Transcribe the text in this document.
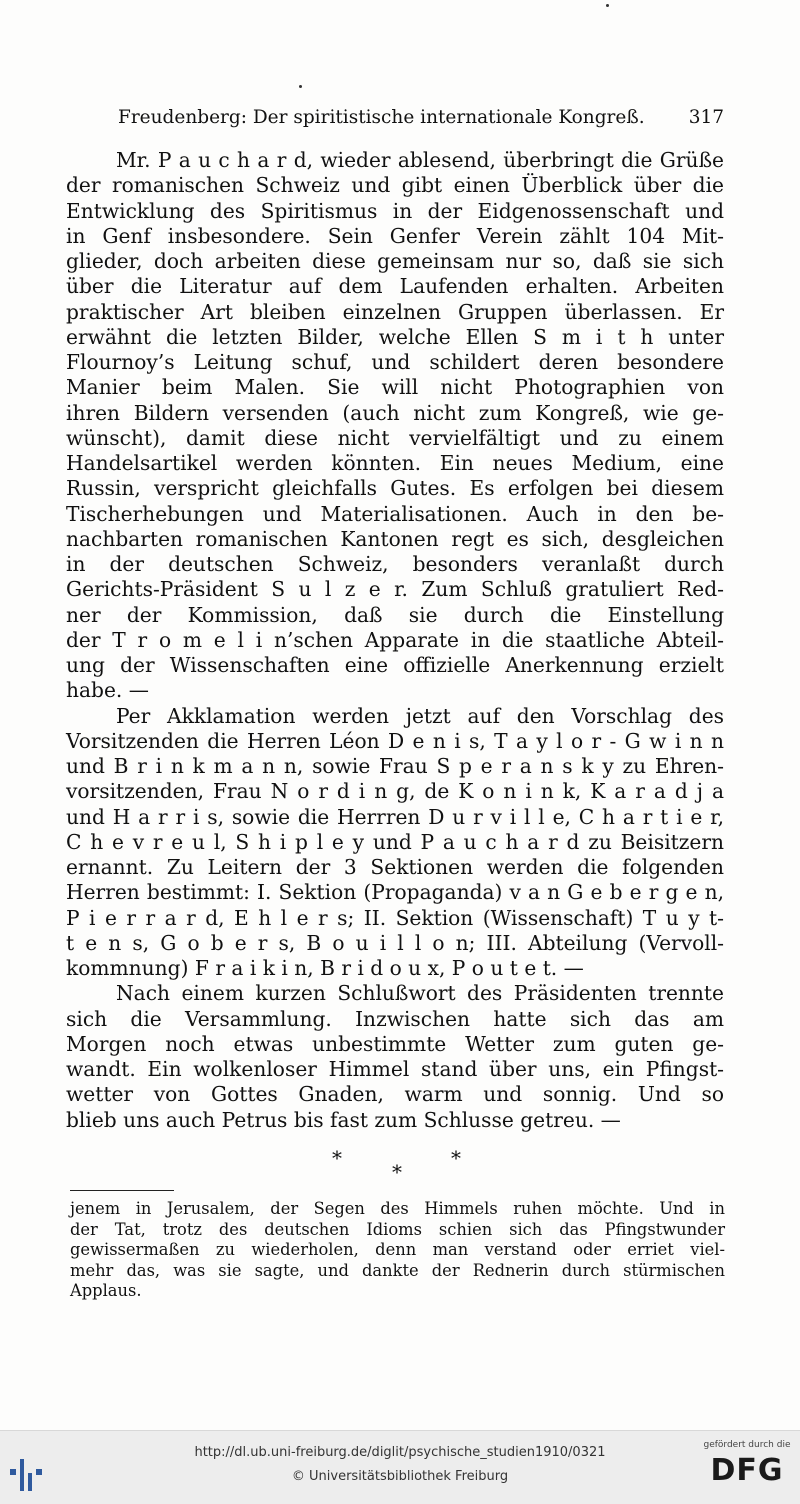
Freudenberg: Der spiritistische internationale Kongreß. 317
Mr. P a u c h a r d, wieder ablesend, überbringt die Grüße
der romanischen Schweiz und gibt einen Überblick über die
Entwicklung des Spiritismus in der Eidgenossenschaft und
in Genf insbesondere. Sein Genfer Verein zählt 104 Mit-
glieder, doch arbeiten diese gemeinsam nur so, daß sie sich
über die Literatur auf dem Laufenden erhalten. Arbeiten
praktischer Art bleiben einzelnen Gruppen überlassen. Er
erwähnt die letzten Bilder, welche Ellen S m i t h unter
Flournoy’s Leitung schuf, und schildert deren besondere
Manier beim Malen. Sie will nicht Photographien von
ihren Bildern versenden (auch nicht zum Kongreß, wie ge-
wünscht), damit diese nicht vervielfältigt und zu einem
Handelsartikel werden könnten. Ein neues Medium, eine
Russin, verspricht gleichfalls Gutes. Es erfolgen bei diesem
Tischerhebungen und Materialisationen. Auch in den be-
nachbarten romanischen Kantonen regt es sich, desgleichen
in der deutschen Schweiz, besonders veranlaßt durch
Gerichts-Präsident S u l z e r. Zum Schluß gratuliert Red-
ner der Kommission, daß sie durch die Einstellung
der T r o m e l i n’schen Apparate in die staatliche Abteil-
ung der Wissenschaften eine offizielle Anerkennung erzielt
habe. —
Per Akklamation werden jetzt auf den Vorschlag des
Vorsitzenden die Herren Léon D e n i s, T a y l o r - G w i n n
und B r i n k m a n n, sowie Frau S p e r a n s k y zu Ehren-
vorsitzenden, Frau N o r d i n g, de K o n i n k, K a r a d j a
und H a r r i s, sowie die Herrren D u r v i l l e, C h a r t i e r,
C h e v r e u l, S h i p l e y und P a u c h a r d zu Beisitzern
ernannt. Zu Leitern der 3 Sektionen werden die folgenden
Herren bestimmt: I. Sektion (Propaganda) v a n G e b e r g e n,
P i e r r a r d, E h l e r s; II. Sektion (Wissenschaft) T u y t-
t e n s, G o b e r s, B o u i l l o n; III. Abteilung (Vervoll-
kommnung) F r a i k i n, B r i d o u x, P o u t e t. —
Nach einem kurzen Schlußwort des Präsidenten trennte
sich die Versammlung. Inzwischen hatte sich das am
Morgen noch etwas unbestimmte Wetter zum guten ge-
wandt. Ein wolkenloser Himmel stand über uns, ein Pfingst-
wetter von Gottes Gnaden, warm und sonnig. Und so
blieb uns auch Petrus bis fast zum Schlusse getreu. —
*	*
*
jenem in Jerusalem, der Segen des Himmels ruhen möchte. Und in
der Tat, trotz des deutschen Idioms schien sich das Pfingstwunder
gewissermaßen zu wiederholen, denn man verstand oder erriet viel-
mehr das, was sie sagte, und dankte der Rednerin durch stürmischen
Applaus.
http://dl.ub.uni-freiburg.de/diglit/psychische_studien1910/0321
© Universitätsbibliothek Freiburg
gefördert durch die
DFG
